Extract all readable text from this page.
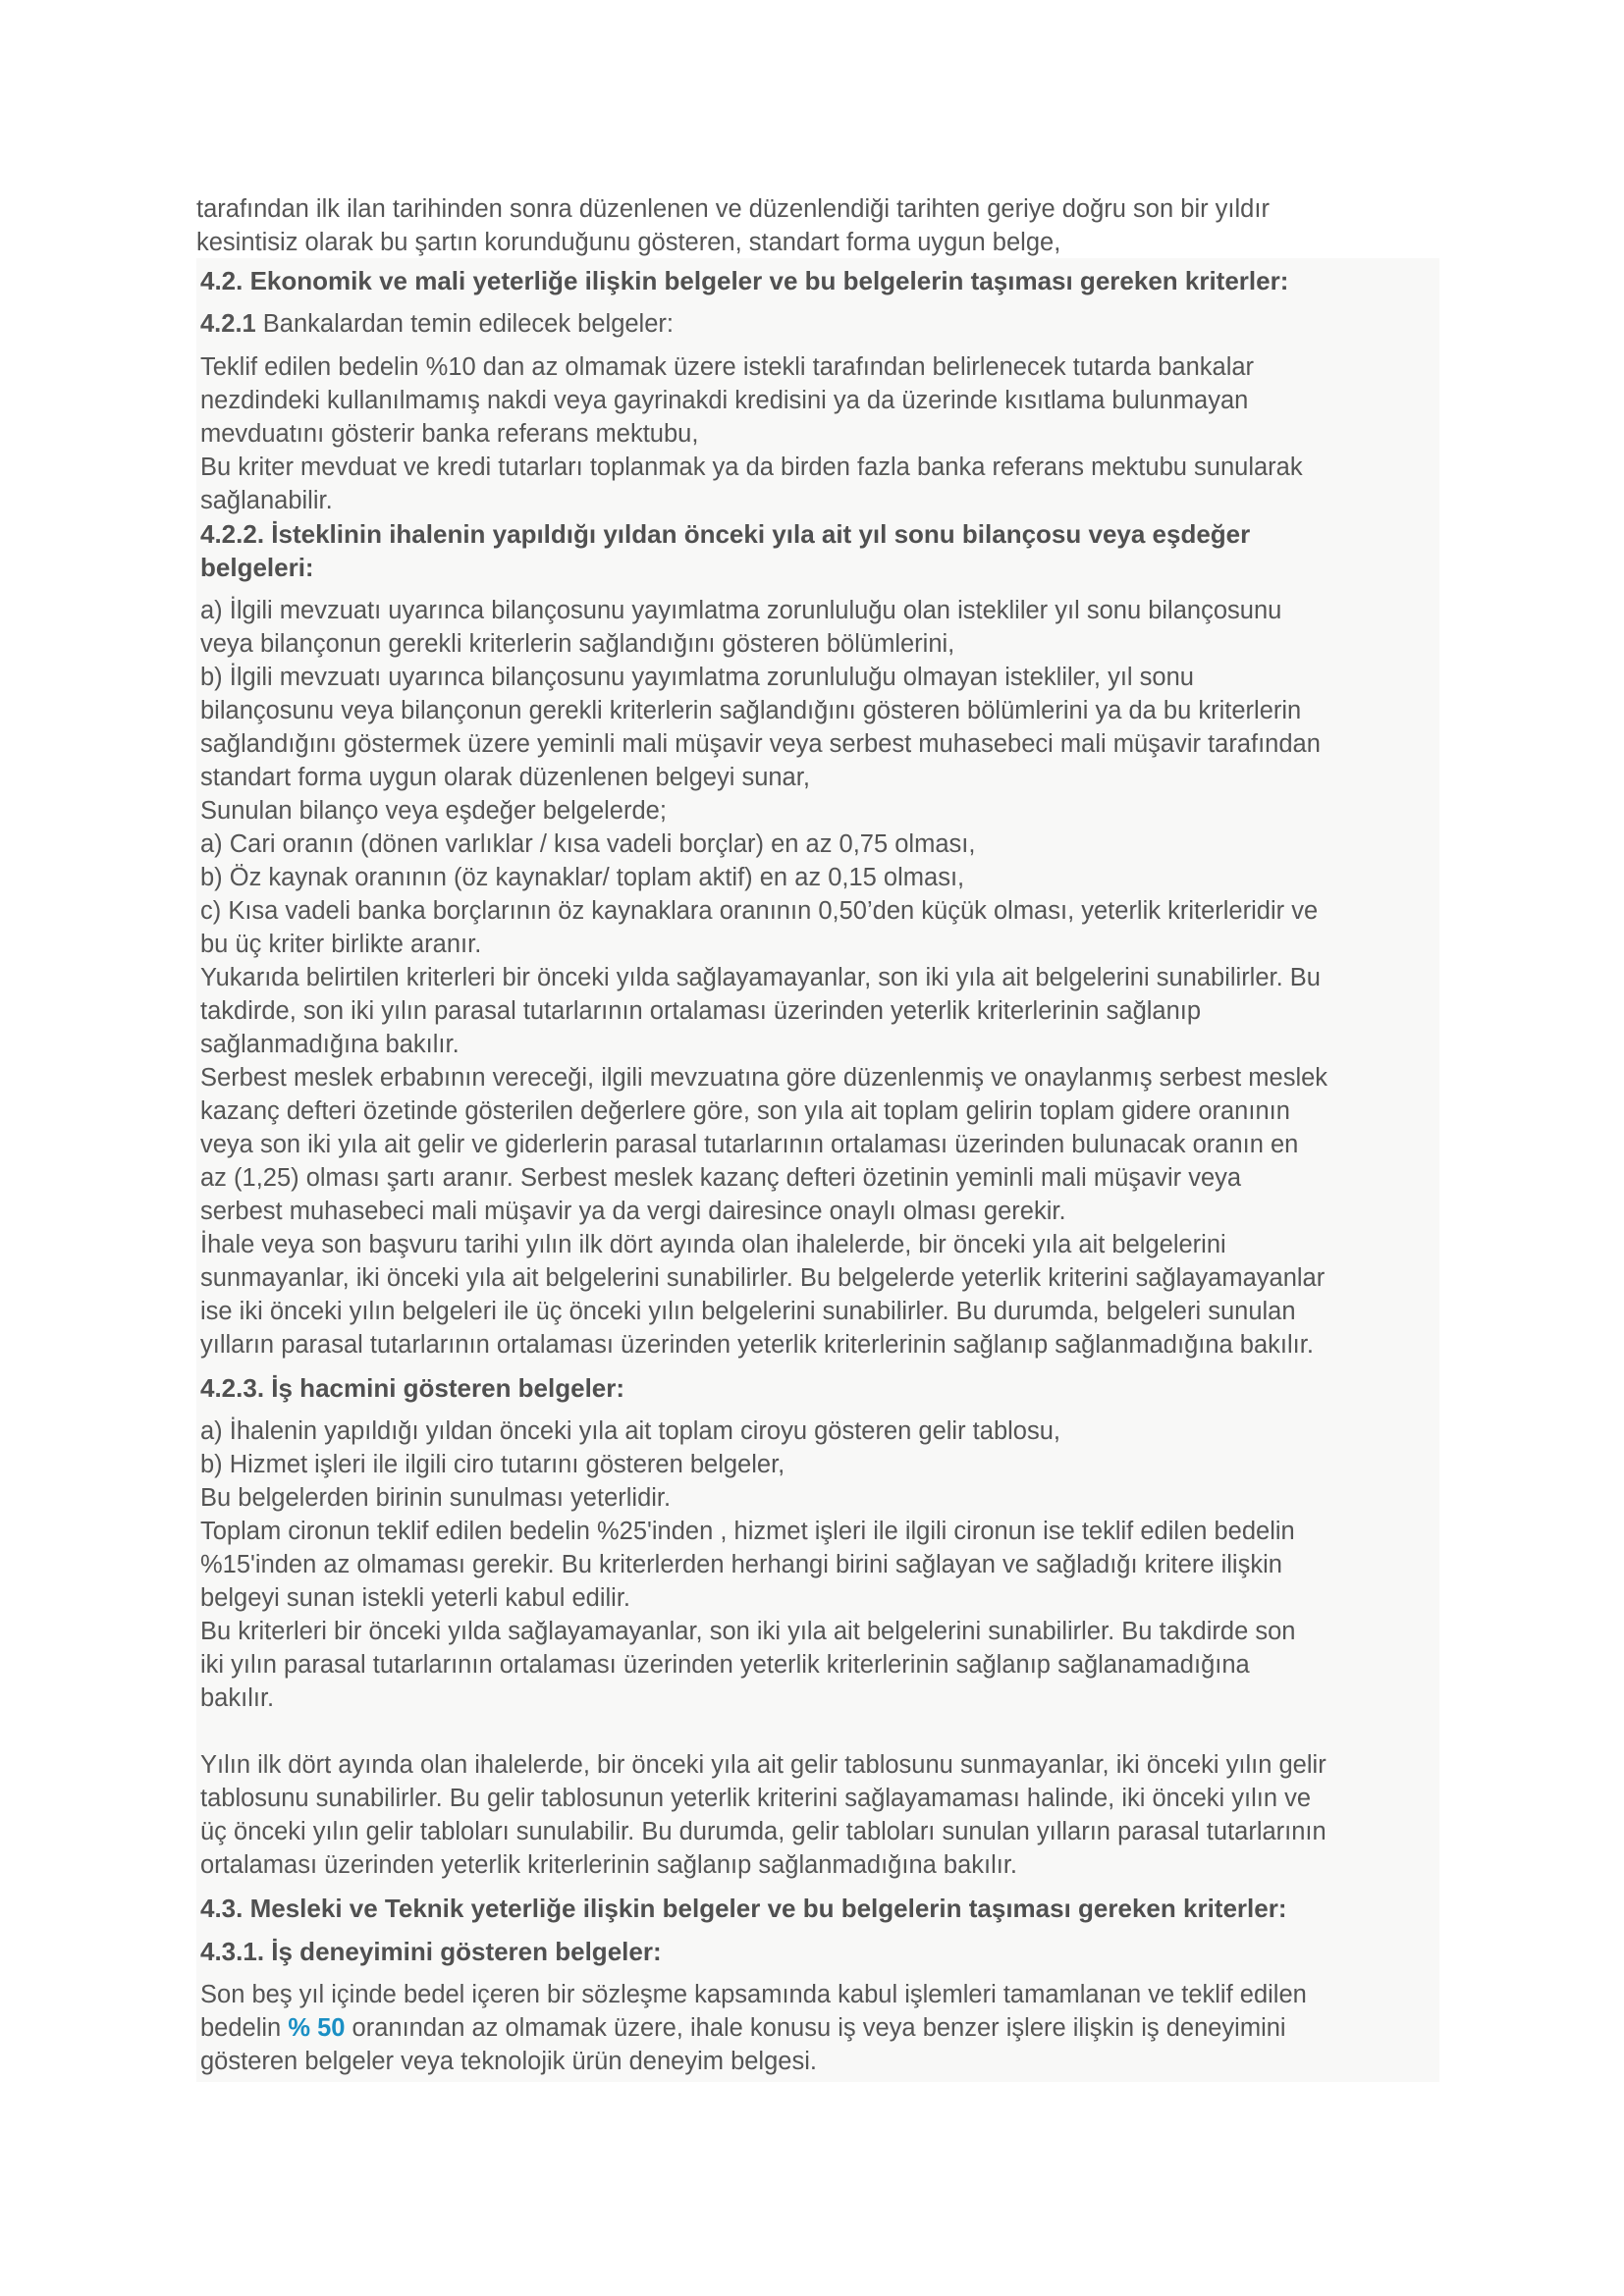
tarafından ilk ilan tarihinden sonra düzenlenen ve düzenlendiği tarihten geriye doğru son bir yıldır

kesintisiz olarak bu şartın korunduğunu gösteren, standart forma uygun belge,

4.2. Ekonomik ve mali yeterliğe ilişkin belgeler ve bu belgelerin taşıması gereken kriterler:

4.2.1 Bankalardan temin edilecek belgeler:

Teklif edilen bedelin %10 dan az olmamak üzere istekli tarafından belirlenecek tutarda bankalar

nezdindeki kullanılmamış nakdi veya gayrinakdi kredisini ya da üzerinde kısıtlama bulunmayan

mevduatını gösterir banka referans mektubu,

Bu kriter mevduat ve kredi tutarları toplanmak ya da birden fazla banka referans mektubu sunularak

sağlanabilir.

4.2.2. İsteklinin ihalenin yapıldığı yıldan önceki yıla ait yıl sonu bilançosu veya eşdeğer

belgeleri:

a) İlgili mevzuatı uyarınca bilançosunu yayımlatma zorunluluğu olan istekliler yıl sonu bilançosunu

veya bilançonun gerekli kriterlerin sağlandığını gösteren bölümlerini,

b) İlgili mevzuatı uyarınca bilançosunu yayımlatma zorunluluğu olmayan istekliler, yıl sonu

bilançosunu veya bilançonun gerekli kriterlerin sağlandığını gösteren bölümlerini ya da bu kriterlerin

sağlandığını göstermek üzere yeminli mali müşavir veya serbest muhasebeci mali müşavir tarafından

standart forma uygun olarak düzenlenen belgeyi sunar,

Sunulan bilanço veya eşdeğer belgelerde;

a) Cari oranın (dönen varlıklar / kısa vadeli borçlar) en az 0,75 olması,

b) Öz kaynak oranının (öz kaynaklar/ toplam aktif) en az 0,15 olması,

c) Kısa vadeli banka borçlarının öz kaynaklara oranının 0,50’den küçük olması, yeterlik kriterleridir ve

bu üç kriter birlikte aranır.

Yukarıda belirtilen kriterleri bir önceki yılda sağlayamayanlar, son iki yıla ait belgelerini sunabilirler. Bu

takdirde, son iki yılın parasal tutarlarının ortalaması üzerinden yeterlik kriterlerinin sağlanıp

sağlanmadığına bakılır.

Serbest meslek erbabının vereceği, ilgili mevzuatına göre düzenlenmiş ve onaylanmış serbest meslek

kazanç defteri özetinde gösterilen değerlere göre, son yıla ait toplam gelirin toplam gidere oranının

veya son iki yıla ait gelir ve giderlerin parasal tutarlarının ortalaması üzerinden bulunacak oranın en

az (1,25) olması şartı aranır. Serbest meslek kazanç defteri özetinin yeminli mali müşavir veya

serbest muhasebeci mali müşavir ya da vergi dairesince onaylı olması gerekir.

İhale veya son başvuru tarihi yılın ilk dört ayında olan ihalelerde, bir önceki yıla ait belgelerini

sunmayanlar, iki önceki yıla ait belgelerini sunabilirler. Bu belgelerde yeterlik kriterini sağlayamayanlar

ise iki önceki yılın belgeleri ile üç önceki yılın belgelerini sunabilirler. Bu durumda, belgeleri sunulan

yılların parasal tutarlarının ortalaması üzerinden yeterlik kriterlerinin sağlanıp sağlanmadığına bakılır.

4.2.3. İş hacmini gösteren belgeler:

a) İhalenin yapıldığı yıldan önceki yıla ait toplam ciroyu gösteren gelir tablosu,

b) Hizmet işleri ile ilgili ciro tutarını gösteren belgeler,

Bu belgelerden birinin sunulması yeterlidir.

Toplam cironun teklif edilen bedelin %25'inden , hizmet işleri ile ilgili cironun ise teklif edilen bedelin

%15'inden az olmaması gerekir. Bu kriterlerden herhangi birini sağlayan ve sağladığı kritere ilişkin

belgeyi sunan istekli yeterli kabul edilir.

Bu kriterleri bir önceki yılda sağlayamayanlar, son iki yıla ait belgelerini sunabilirler. Bu takdirde son

iki yılın parasal tutarlarının ortalaması üzerinden yeterlik kriterlerinin sağlanıp sağlanamadığına

bakılır.

Yılın ilk dört ayında olan ihalelerde, bir önceki yıla ait gelir tablosunu sunmayanlar, iki önceki yılın gelir

tablosunu sunabilirler. Bu gelir tablosunun yeterlik kriterini sağlayamaması halinde, iki önceki yılın ve

üç önceki yılın gelir tabloları sunulabilir. Bu durumda, gelir tabloları sunulan yılların parasal tutarlarının

ortalaması üzerinden yeterlik kriterlerinin sağlanıp sağlanmadığına bakılır.

4.3. Mesleki ve Teknik yeterliğe ilişkin belgeler ve bu belgelerin taşıması gereken kriterler:

4.3.1. İş deneyimini gösteren belgeler:

Son beş yıl içinde bedel içeren bir sözleşme kapsamında kabul işlemleri tamamlanan ve teklif edilen

bedelin % 50 oranından az olmamak üzere, ihale konusu iş veya benzer işlere ilişkin iş deneyimini

gösteren belgeler veya teknolojik ürün deneyim belgesi.
